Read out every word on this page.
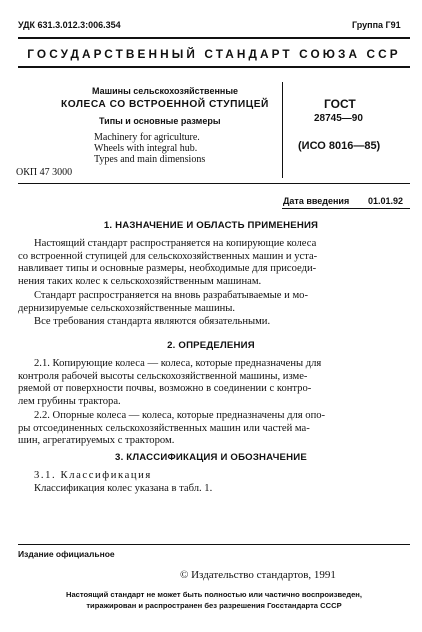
УДК 631.3.012.3:006.354	Группа Г91
ГОСУДАРСТВЕННЫЙ СТАНДАРТ СОЮЗА ССР
Машины сельскохозяйственные
КОЛЕСА СО ВСТРОЕННОЙ СТУПИЦЕЙ
Типы и основные размеры
Machinery for agriculture.
Wheels with integral hub.
Types and main dimensions
ОКП 47 3000
ГОСТ
28745—90
(ИСО 8016—85)
Дата введения 01.01.92
1. НАЗНАЧЕНИЕ И ОБЛАСТЬ ПРИМЕНЕНИЯ
Настоящий стандарт распространяется на копирующие колеса
со встроенной ступицей для сельскохозяйственных машин и уста-
навливает типы и основные размеры, необходимые для присоеди-
нения таких колес к сельскохозяйственным машинам.
Стандарт распространяется на вновь разрабатываемые и мо-
дернизируемые сельскохозяйственные машины.
Все требования стандарта являются обязательными.
2. ОПРЕДЕЛЕНИЯ
2.1. Копирующие колеса — колеса, которые предназначены для
контроля рабочей высоты сельскохозяйственной машины, изме-
ряемой от поверхности почвы, возможно в соединении с контро-
лем грубины трактора.
2.2. Опорные колеса — колеса, которые предназначены для опо-
ры отсоединенных сельскохозяйственных машин или частей ма-
шин, агрегатируемых с трактором.
3. КЛАССИФИКАЦИЯ И ОБОЗНАЧЕНИЕ
3.1. Классификация
Классификация колес указана в табл. 1.
Издание официальное
© Издательство стандартов, 1991
Настоящий стандарт не может быть полностью или частично воспроизведен,
тиражирован и распространен без разрешения Госстандарта СССР
